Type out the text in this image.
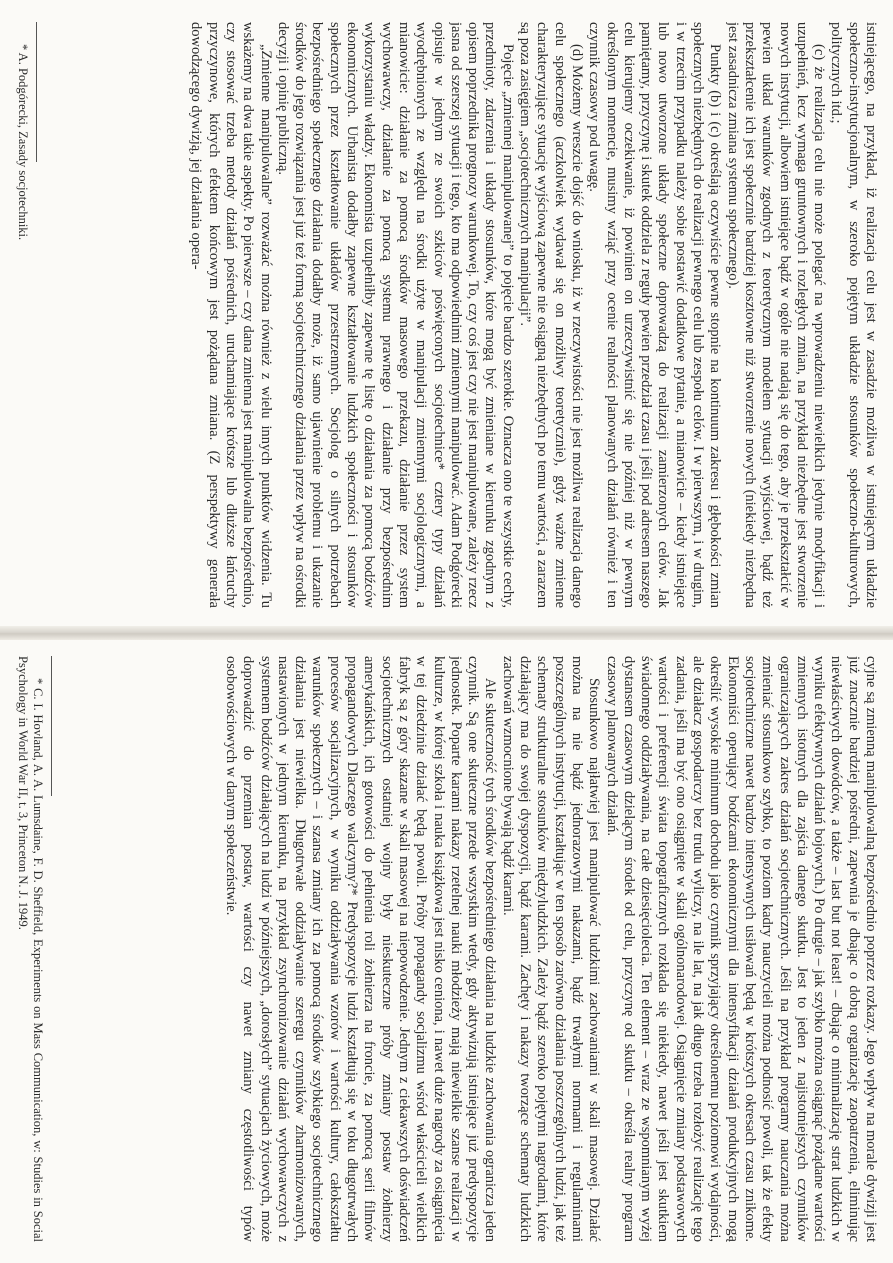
istniejącego, na przykład, iż realizacja celu jest w zasadzie możliwa w istniejącym układzie społeczno-instytucjonalnym, w szeroko pojętym układzie stosunków społeczno-kulturowych, politycznych itd.;

(c) że realizacja celu nie może polegać na wprowadzeniu niewielkich jedynie modyfikacji i uzupełnień, lecz wymaga gruntownych i rozległych zmian, na przykład niezbędne jest stworzenie nowych instytucji, albowiem istniejące bądź w ogóle nie nadają się do tego, aby je przekształcić w pewien układ warunków zgodnych z teoretycznym modelem sytuacji wyjściowej, bądź też przekształcenie ich jest społecznie bardziej kosztowne niż stworzenie nowych (niekiedy niezbędna jest zasadnicza zmiana systemu społecznego).

Punkty (b) i (c) określają oczywiście pewne stopnie na kontinuum zakresu i głębokości zmian społecznych niezbędnych do realizacji pewnego celu lub zespołu celów. I w pierwszym, i w drugim, i w trzecim przypadku należy sobie postawić dodatkowe pytanie, a mianowicie – kiedy istniejące lub nowo utworzone układy społeczne doprowadzą do realizacji zamierzonych celów. Jak pamiętamy, przyczynę i skutek oddziela z reguły pewien przedział czasu i jeśli pod adresem naszego celu kierujemy oczekiwanie, iż powinien on urzeczywistnić się nie później niż w pewnym określonym momencie, musimy wziąć przy ocenie realności planowanych działań również i ten czynnik czasowy pod uwagę.

(d) Możemy wreszcie dojść do wniosku, iż w rzeczywistości nie jest możliwa realizacja danego celu społecznego (aczkolwiek wydawał się on możliwy teoretycznie), gdyż ważne zmienne charakteryzujące sytuację wyjściową zapewne nie osiągną niezbędnych po temu wartości, a zarazem są poza zasięgiem „socjotechnicznych manipulacji”.

Pojęcie „zmiennej manipulowanej” to pojęcie bardzo szerokie. Oznacza ono te wszystkie cechy, przedmioty, zdarzenia i układy stosunków, które mogą być zmieniane w kierunku zgodnym z opisem poprzednika prognozy warunkowej. To, czy coś jest czy nie jest manipulowane, zależy rzecz jasna od szerszej sytuacji i tego, kto ma odpowiednimi zmiennymi manipulować. Adam Podgórecki opisuje w jednym ze swoich szkiców poświęconych socjotechnice* cztery typy działań wyodrębnionych ze względu na środki użyte w manipulacji zmiennymi socjologicznymi, a mianowicie: działanie za pomocą środków masowego przekazu, działanie przez system wychowawczy, działanie za pomocą systemu prawnego i działanie przy bezpośrednim wykorzystaniu władzy. Ekonomista uzupełniłby zapewne tę listę o działania za pomocą bodźców ekonomicznych. Urbanista dodałby zapewne kształtowanie ludzkich społeczności i stosunków społecznych przez kształtowanie układów przestrzennych. Socjolog o silnych potrzebach bezpośredniego społecznego działania dodałby może, iż samo ujawnienie problemu i ukazanie środków do jego rozwiązania jest już też formą socjotechnicznego działania przez wpływ na ośrodki decyzji i opinię publiczną.

„Zmienne manipulowalne” rozważać można również z wielu innych punktów widzenia. Tu wskażemy na dwa takie aspekty. Po pierwsze – czy dana zmienna jest manipulowalna bezpośrednio, czy stosować trzeba metody działań pośrednich, uruchamiające krótsze lub dłuższe łańcuchy przyczynowe, których efektem końcowym jest pożądana zmiana. (Z perspektywy generała dowodzącego dywizją, jej działania opera-

* A. Podgórecki, Zasady socjotechniki.

cyjne są zmienną manipulowalną bezpośrednio poprzez rozkazy. Jego wpływ na morale dywizji jest już znacznie bardziej pośredni, zapewnia je dbając o dobrą organizację zaopatrzenia, eliminując niewłaściwych dowódców, a także – last but not least! – dbając o minimalizację strat ludzkich w wyniku efektywnych działań bojowych.) Po drugie – jak szybko można osiągnąć pożądane wartości zmiennych istotnych dla zajścia danego skutku. Jest to jeden z najistotniejszych czynników ograniczających zakres działań socjotechnicznych. Jeśli na przykład programy nauczania można zmieniać stosunkowo szybko, to poziom kadry nauczycieli można podnosić powoli, tak że efekty socjotechniczne nawet bardzo intensywnych usiłowań będą w krótszych okresach czasu znikome. Ekonomiści operujący bodźcami ekonomicznymi dla intensyfikacji działań produkcyjnych mogą określić wysokie minimum dochodu jako czynnik sprzyjający określonemu poziomowi wydajności, ale działacz gospodarczy bez trudu wyliczy, na ile lat, na jak długo trzeba rozłożyć realizację tego zadania, jeśli ma być ono osiągnięte w skali ogólnonarodowej. Osiągnięcie zmiany podstawowych wartości i preferencji świata topograficznych rozkłada się niekiedy, nawet jeśli jest skutkiem świadomego oddziaływania, na całe dziesięciolecia. Ten element – wraz ze wspomnianym wyżej dystansem czasowym dzielącym środek od celu, przyczynę od skutku – określa realny program czasowy planowanych działań.

Stosunkowo najłatwiej jest manipulować ludzkimi zachowaniami w skali masowej. Działać można na nie bądź jednorazowymi nakazami, bądź trwałymi normami i regulaminami poszczególnych instytucji, kształtując w ten sposób zarówno działania poszczególnych ludzi, jak też schematy strukturalne stosunków międzyludzkich. Zależy bądź szeroko pojętymi nagrodami, które działający ma do swojej dyspozycji, bądź karami. Zachęty i nakazy tworzące schematy ludzkich zachowań wzmocnione bywają bądź karami.

Ale skuteczność tych środków bezpośredniego działania na ludzkie zachowania ogranicza jeden czynnik. Są one skuteczne przede wszystkim wtedy, gdy aktywizują istniejące już predyspozycje jednostek. Poparte karami nakazy rzetelnej nauki młodzieży mają niewielkie szanse realizacji w kulturze, w której szkoła i nauka książkowa jest nisko ceniona, i nawet duże nagrody za osiągnięcia w tej dziedzinie działać będą powoli. Próby propagandy socjalizmu wśród właścicieli wielkich fabryk są z góry skazane w skali masowej na niepowodzenie. Jednym z ciekawszych doświadczeń socjotechnicznych ostatniej wojny były nieskuteczne próby zmiany postaw żołnierzy amerykańskich, ich gotowości do pełnienia roli żołnierza na froncie, za pomocą serii filmów propagandowych Dlaczego walczymy?* Predyspozycje ludzi kształtują się w toku długotrwałych procesów socjalizacyjnych, w wyniku oddziaływania wzorów i wartości kultury, całokształtu warunków społecznych – i szansa zmiany ich za pomocą środków szybkiego socjotechnicznego działania jest niewielka. Długotrwałe oddziaływanie szeregu czynników zharmonizowanych, nastawionych w jednym kierunku, na przykład zsynchronizowanie działań wychowawczych z systemem bodźców działających na ludzi w późniejszych, „dorosłych” sytuacjach życiowych, może doprowadzić do przemian postaw, wartości czy nawet zmiany częstotliwości typów osobowościowych w danym społeczeństwie.

* C. I. Hovland, A. A. Lumsdaine, F. D. Sheffield, Experiments on Mass Communication, w: Studies in Social Psychology in World War II, t. 3, Princeton N. J. 1949.
